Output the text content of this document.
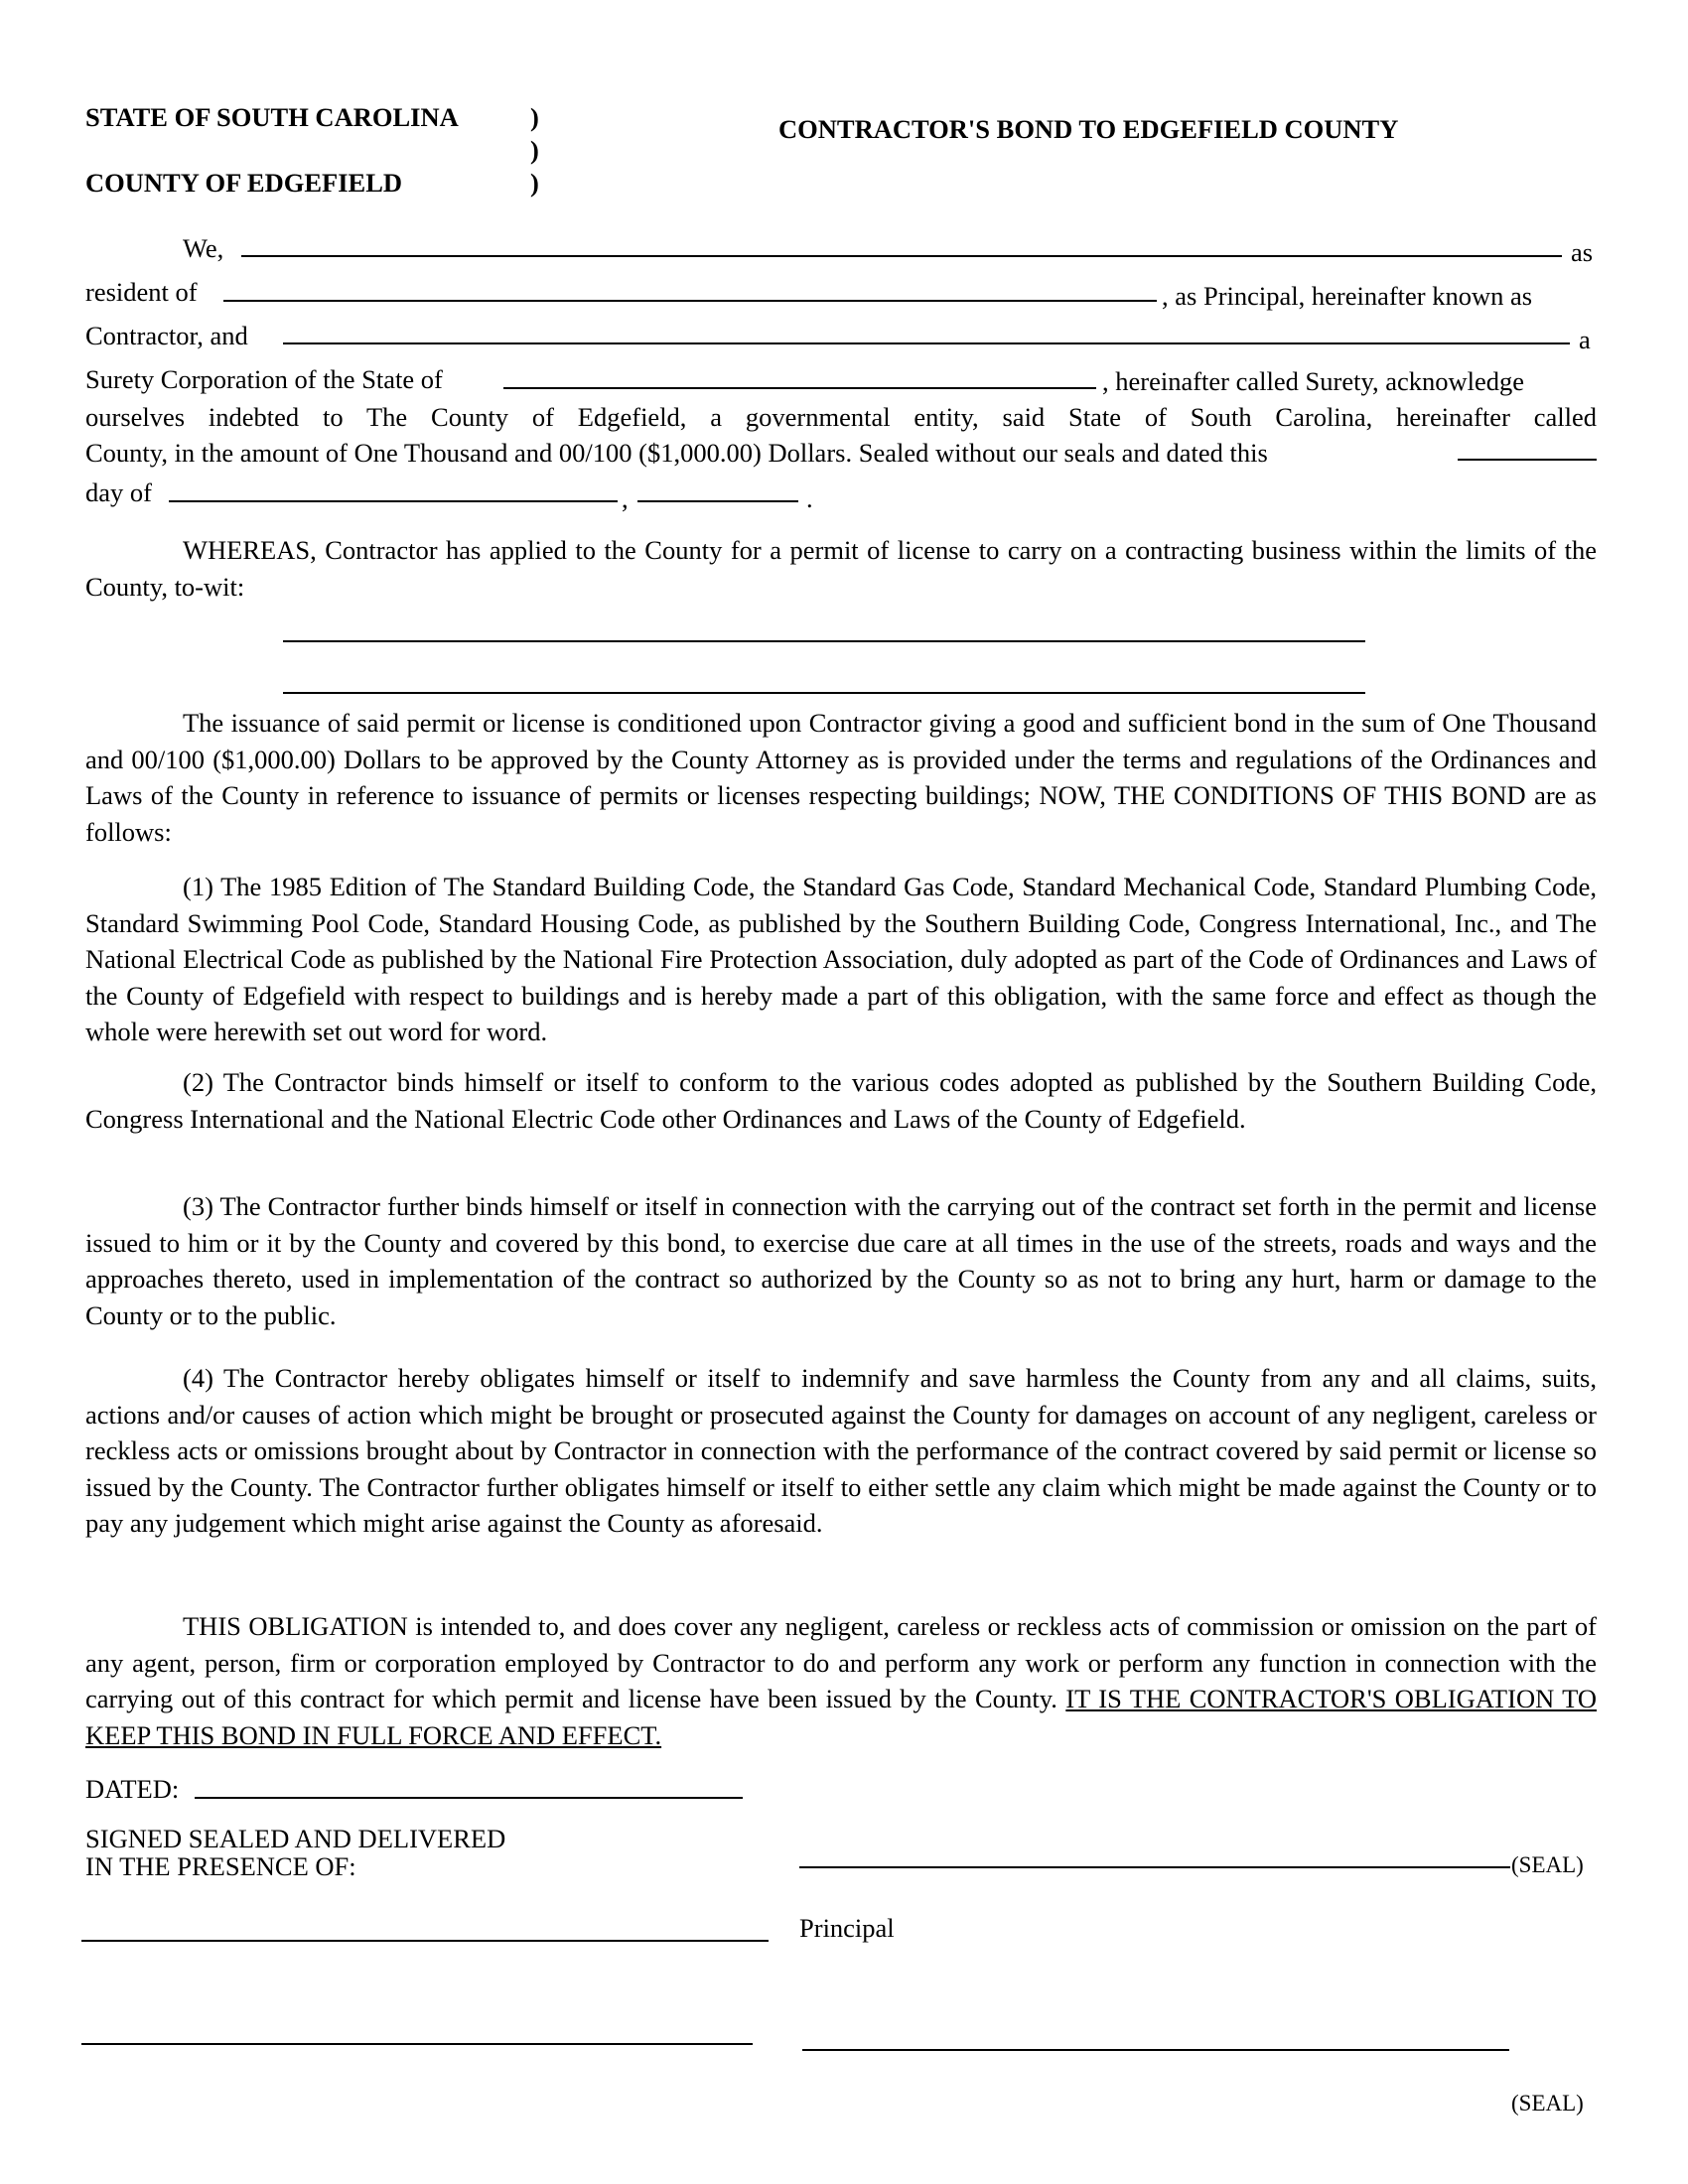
STATE OF SOUTH CAROLINA	)
)
COUNTY OF EDGEFIELD	)
CONTRACTOR'S BOND TO EDGEFIELD COUNTY
We,	as
resident of	, as Principal, hereinafter known as
Contractor, and	a
Surety Corporation of the State of	, hereinafter called Surety, acknowledge
ourselves indebted to The County of Edgefield, a governmental entity, said State of South Carolina, hereinafter called
County, in the amount of One Thousand and 00/100 ($1,000.00) Dollars. Sealed without our seals and dated this
day of	,	.

WHEREAS, Contractor has applied to the County for a permit of license to carry on a contracting business within the limits of the County, to-wit:

The issuance of said permit or license is conditioned upon Contractor giving a good and sufficient bond in the sum of One Thousand and 00/100 ($1,000.00) Dollars to be approved by the County Attorney as is provided under the terms and regulations of the Ordinances and Laws of the County in reference to issuance of permits or licenses respecting buildings; NOW, THE CONDITIONS OF THIS BOND are as follows:

(1) The 1985 Edition of The Standard Building Code, the Standard Gas Code, Standard Mechanical Code, Standard Plumbing Code, Standard Swimming Pool Code, Standard Housing Code, as published by the Southern Building Code, Congress International, Inc., and The National Electrical Code as published by the National Fire Protection Association, duly adopted as part of the Code of Ordinances and Laws of the County of Edgefield with respect to buildings and is hereby made a part of this obligation, with the same force and effect as though the whole were herewith set out word for word.

(2) The Contractor binds himself or itself to conform to the various codes adopted as published by the Southern Building Code, Congress International and the National Electric Code other Ordinances and Laws of the County of Edgefield.

(3) The Contractor further binds himself or itself in connection with the carrying out of the contract set forth in the permit and license issued to him or it by the County and covered by this bond, to exercise due care at all times in the use of the streets, roads and ways and the approaches thereto, used in implementation of the contract so authorized by the County so as not to bring any hurt, harm or damage to the County or to the public.

(4) The Contractor hereby obligates himself or itself to indemnify and save harmless the County from any and all claims, suits, actions and/or causes of action which might be brought or prosecuted against the County for damages on account of any negligent, careless or reckless acts or omissions brought about by Contractor in connection with the performance of the contract covered by said permit or license so issued by the County. The Contractor further obligates himself or itself to either settle any claim which might be made against the County or to pay any judgement which might arise against the County as aforesaid.

THIS OBLIGATION is intended to, and does cover any negligent, careless or reckless acts of commission or omission on the part of any agent, person, firm or corporation employed by Contractor to do and perform any work or perform any function in connection with the carrying out of this contract for which permit and license have been issued by the County. IT IS THE CONTRACTOR'S OBLIGATION TO KEEP THIS BOND IN FULL FORCE AND EFFECT.

DATED:
SIGNED SEALED AND DELIVERED
IN THE PRESENCE OF:	(SEAL)
Principal
(SEAL)
